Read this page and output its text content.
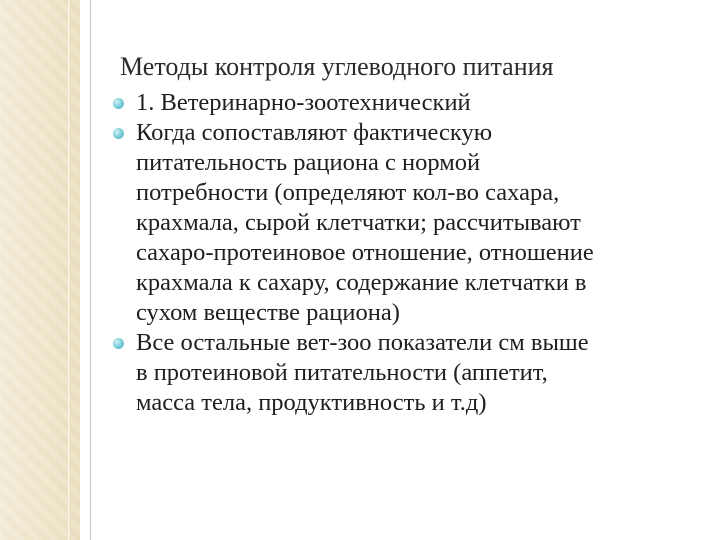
Методы контроля углеводного питания
1. Ветеринарно-зоотехнический
Когда сопоставляют фактическую
питательность рациона с нормой
потребности (определяют кол-во сахара,
крахмала, сырой клетчатки; рассчитывают
сахаро-протеиновое отношение, отношение
крахмала к сахару, содержание клетчатки в
сухом веществе рациона)
Все остальные вет-зоо показатели см выше
в протеиновой питательности (аппетит,
масса тела, продуктивность и т.д)
